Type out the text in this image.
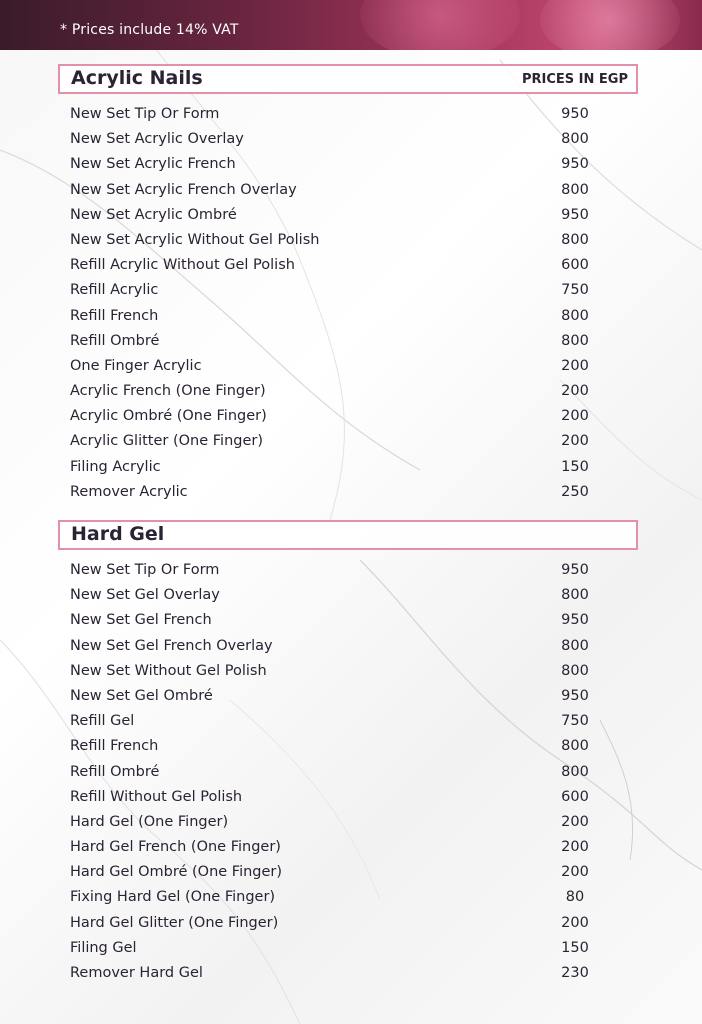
* Prices include 14% VAT
Acrylic Nails	PRICES IN EGP
New Set Tip Or Form	950
New Set Acrylic Overlay	800
New Set Acrylic French	950
New Set Acrylic French Overlay	800
New Set Acrylic Ombré	950
New Set Acrylic Without Gel Polish	800
Refill Acrylic Without Gel Polish	600
Refill Acrylic	750
Refill French	800
Refill Ombré	800
One Finger Acrylic	200
Acrylic French (One Finger)	200
Acrylic Ombré (One Finger)	200
Acrylic Glitter (One Finger)	200
Filing Acrylic	150
Remover Acrylic	250
Hard Gel
New Set Tip Or Form	950
New Set Gel Overlay	800
New Set Gel French	950
New Set Gel French Overlay	800
New Set Without Gel Polish	800
New Set Gel Ombré	950
Refill Gel	750
Refill French	800
Refill Ombré	800
Refill Without Gel Polish	600
Hard Gel (One Finger)	200
Hard Gel French (One Finger)	200
Hard Gel Ombré (One Finger)	200
Fixing Hard Gel (One Finger)	80
Hard Gel Glitter (One Finger)	200
Filing Gel	150
Remover Hard Gel	230
